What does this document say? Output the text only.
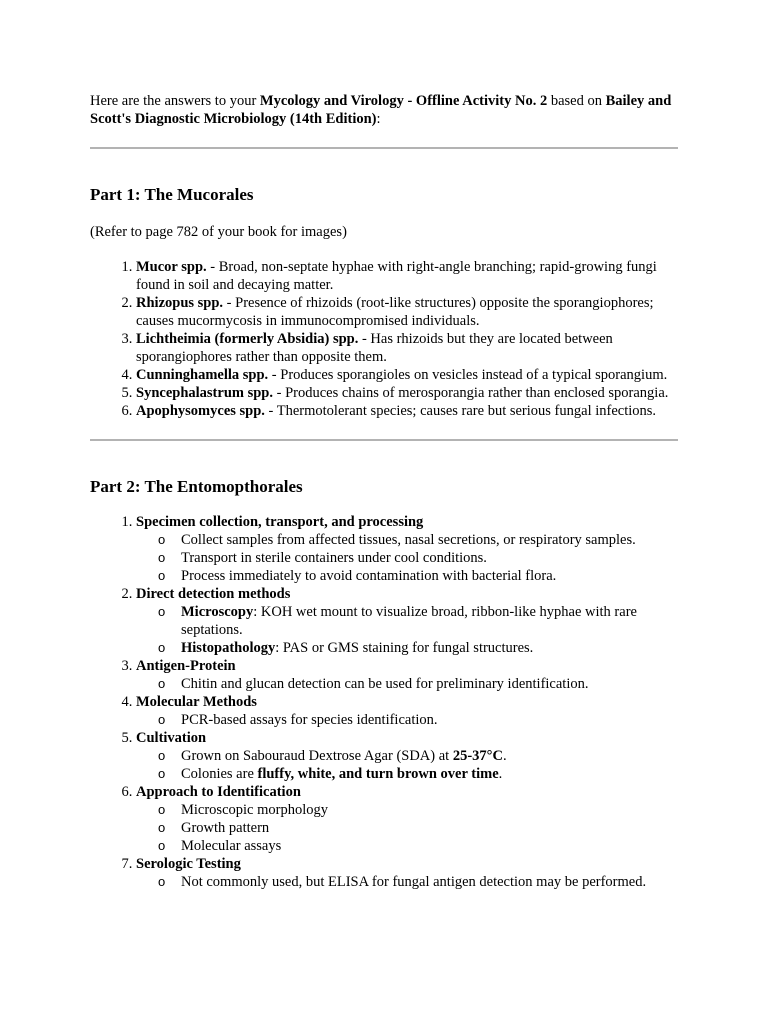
Here are the answers to your Mycology and Virology - Offline Activity No. 2 based on Bailey and Scott's Diagnostic Microbiology (14th Edition):

Part 1: The Mucorales

(Refer to page 782 of your book for images)

1. Mucor spp. - Broad, non-septate hyphae with right-angle branching; rapid-growing fungi found in soil and decaying matter.
2. Rhizopus spp. - Presence of rhizoids (root-like structures) opposite the sporangiophores; causes mucormycosis in immunocompromised individuals.
3. Lichtheimia (formerly Absidia) spp. - Has rhizoids but they are located between sporangiophores rather than opposite them.
4. Cunninghamella spp. - Produces sporangioles on vesicles instead of a typical sporangium.
5. Syncephalastrum spp. - Produces chains of merosporangia rather than enclosed sporangia.
6. Apophysomyces spp. - Thermotolerant species; causes rare but serious fungal infections.
Part 2: The Entomopthorales
1. Specimen collection, transport, and processing
o Collect samples from affected tissues, nasal secretions, or respiratory samples.
o Transport in sterile containers under cool conditions.
o Process immediately to avoid contamination with bacterial flora.
2. Direct detection methods
o Microscopy: KOH wet mount to visualize broad, ribbon-like hyphae with rare septations.
o Histopathology: PAS or GMS staining for fungal structures.
3. Antigen-Protein
o Chitin and glucan detection can be used for preliminary identification.
4. Molecular Methods
o PCR-based assays for species identification.
5. Cultivation
o Grown on Sabouraud Dextrose Agar (SDA) at 25-37°C.
o Colonies are fluffy, white, and turn brown over time.
6. Approach to Identification
o Microscopic morphology
o Growth pattern
o Molecular assays
7. Serologic Testing
o Not commonly used, but ELISA for fungal antigen detection may be performed.
